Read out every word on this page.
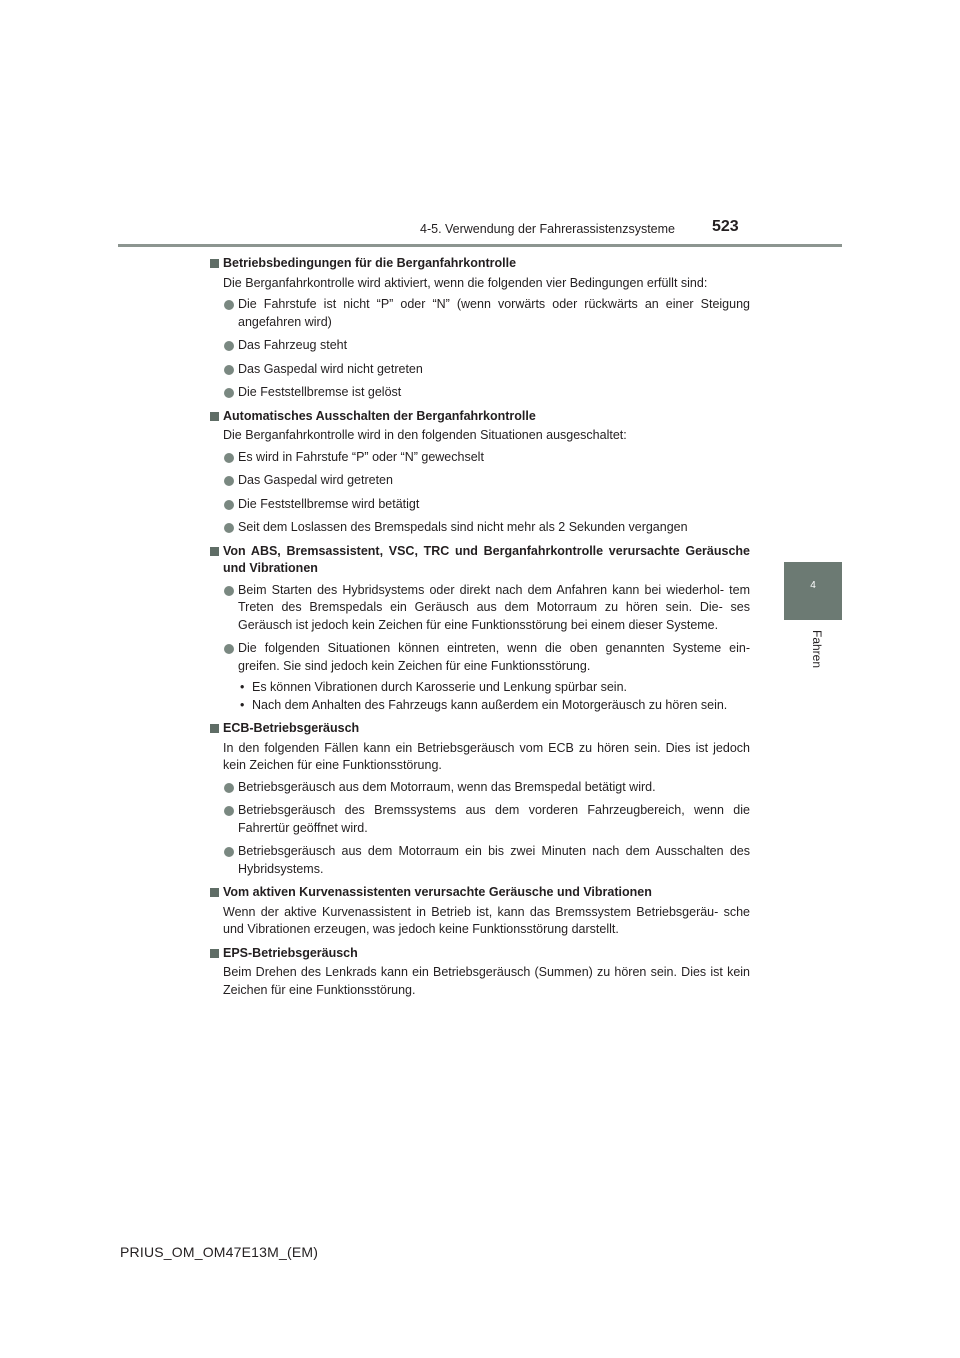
4-5. Verwendung der Fahrerassistenzsysteme	523
4
Fahren
Betriebsbedingungen für die Berganfahrkontrolle
Die Berganfahrkontrolle wird aktiviert, wenn die folgenden vier Bedingungen erfüllt sind:
Die Fahrstufe ist nicht “P” oder “N” (wenn vorwärts oder rückwärts an einer Steigung angefahren wird)
Das Fahrzeug steht
Das Gaspedal wird nicht getreten
Die Feststellbremse ist gelöst
Automatisches Ausschalten der Berganfahrkontrolle
Die Berganfahrkontrolle wird in den folgenden Situationen ausgeschaltet:
Es wird in Fahrstufe “P” oder “N” gewechselt
Das Gaspedal wird getreten
Die Feststellbremse wird betätigt
Seit dem Loslassen des Bremspedals sind nicht mehr als 2 Sekunden vergangen
Von ABS, Bremsassistent, VSC, TRC und Berganfahrkontrolle verursachte Geräusche und Vibrationen
Beim Starten des Hybridsystems oder direkt nach dem Anfahren kann bei wiederhol- tem Treten des Bremspedals ein Geräusch aus dem Motorraum zu hören sein. Die- ses Geräusch ist jedoch kein Zeichen für eine Funktionsstörung bei einem dieser Systeme.
Die folgenden Situationen können eintreten, wenn die oben genannten Systeme ein- greifen. Sie sind jedoch kein Zeichen für eine Funktionsstörung.
• Es können Vibrationen durch Karosserie und Lenkung spürbar sein.
• Nach dem Anhalten des Fahrzeugs kann außerdem ein Motorgeräusch zu hören sein.
ECB-Betriebsgeräusch
In den folgenden Fällen kann ein Betriebsgeräusch vom ECB zu hören sein. Dies ist jedoch kein Zeichen für eine Funktionsstörung.
Betriebsgeräusch aus dem Motorraum, wenn das Bremspedal betätigt wird.
Betriebsgeräusch des Bremssystems aus dem vorderen Fahrzeugbereich, wenn die Fahrertür geöffnet wird.
Betriebsgeräusch aus dem Motorraum ein bis zwei Minuten nach dem Ausschalten des Hybridsystems.
Vom aktiven Kurvenassistenten verursachte Geräusche und Vibrationen
Wenn der aktive Kurvenassistent in Betrieb ist, kann das Bremssystem Betriebsgeräu- sche und Vibrationen erzeugen, was jedoch keine Funktionsstörung darstellt.
EPS-Betriebsgeräusch
Beim Drehen des Lenkrads kann ein Betriebsgeräusch (Summen) zu hören sein. Dies ist kein Zeichen für eine Funktionsstörung.
PRIUS_OM_OM47E13M_(EM)
